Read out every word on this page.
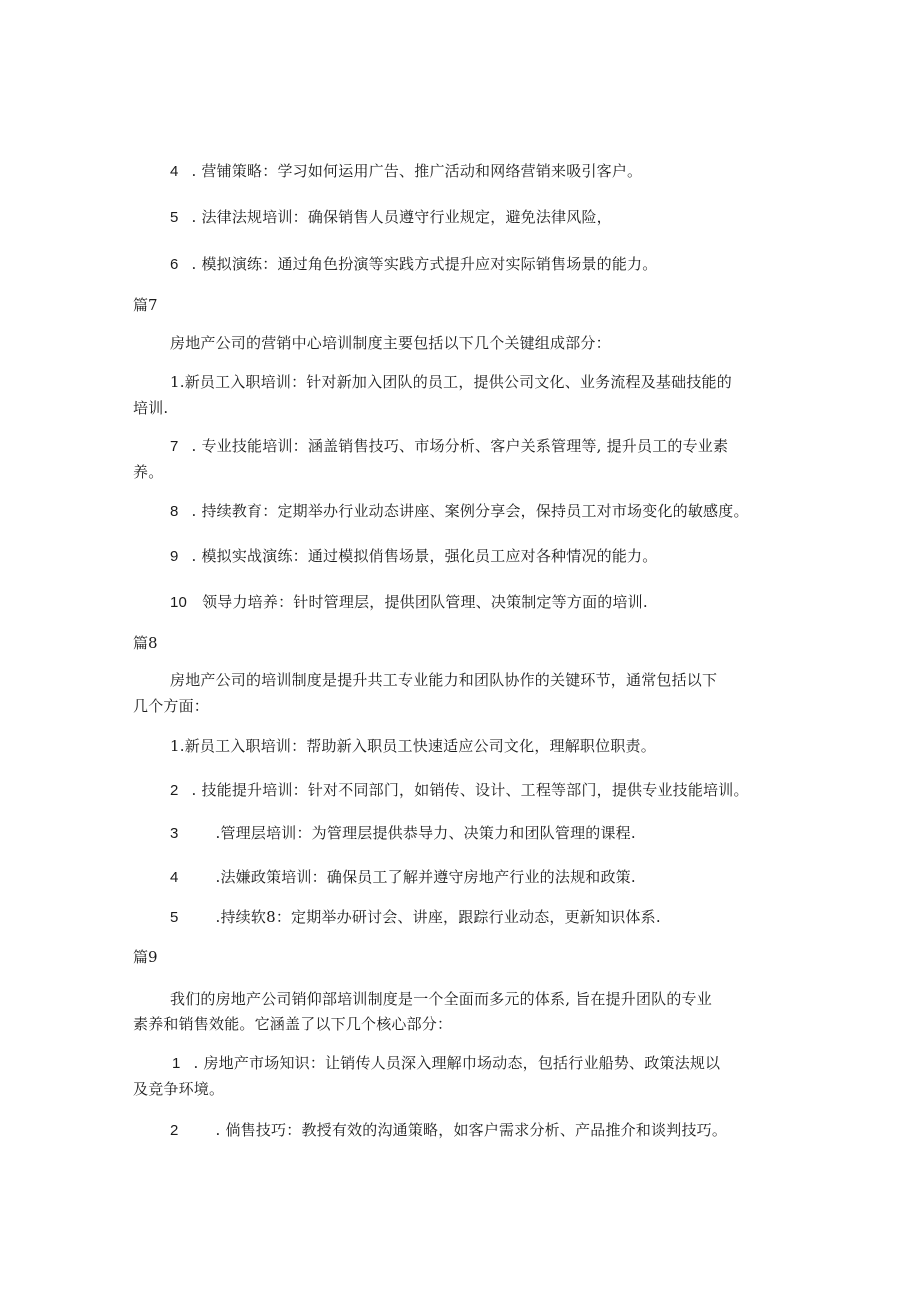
4 . 营铺策略：学习如何运用广告、推广活动和网络营销来吸引客户。
5 . 法律法规培训：确保销售人员遵守行业规定，避免法律风险，
6 . 模拟演练：通过角色扮演等实践方式提升应对实际销售场景的能力。
篇7
房地产公司的营销中心培训制度主要包括以下几个关键组成部分：
1.新员工入职培训：针对新加入团队的员工，提供公司文化、业务流程及基础技能的
培训.
7 . 专业技能培训：涵盖销售技巧、市场分析、客户关系管理等, 提升员工的专业素
养。
8 . 持续教育：定期举办行业动态讲座、案例分享会，保持员工对市场变化的敏感度。
9 . 模拟实战演练：通过模拟俏售场景，强化员工应对各种情况的能力。
10 领导力培养：针时管理层，提供团队管理、决策制定等方面的培训.
篇8
房地产公司的培训制度是提升共工专业能力和团队协作的关键环节，通常包括以下
几个方面：
1.新员工入职培训：帮助新入职员工快速适应公司文化，理解职位职责。
2 . 技能提升培训：针对不同部门，如销传、设计、工程等部门，提供专业技能培训。
3 .管理层培训：为管理层提供恭导力、决策力和团队管理的课程.
4 .法嫌政策培训：确保员工了解并遵守房地产行业的法规和政策.
5 .持续软8：定期举办研讨会、讲座，跟踪行业动态，更新知识体系.
篇9
我们的房地产公司销仰部培训制度是一个全面而多元的体系, 旨在提升团队的专业
素养和销售效能。它涵盖了以下几个核心部分：
1 . 房地产市场知识：让销传人员深入理解巾场动态，包括行业船势、政策法规以
及竞争环境。
2 . 倘售技巧：教授有效的沟通策略，如客户需求分析、产品推介和谈判技巧。
